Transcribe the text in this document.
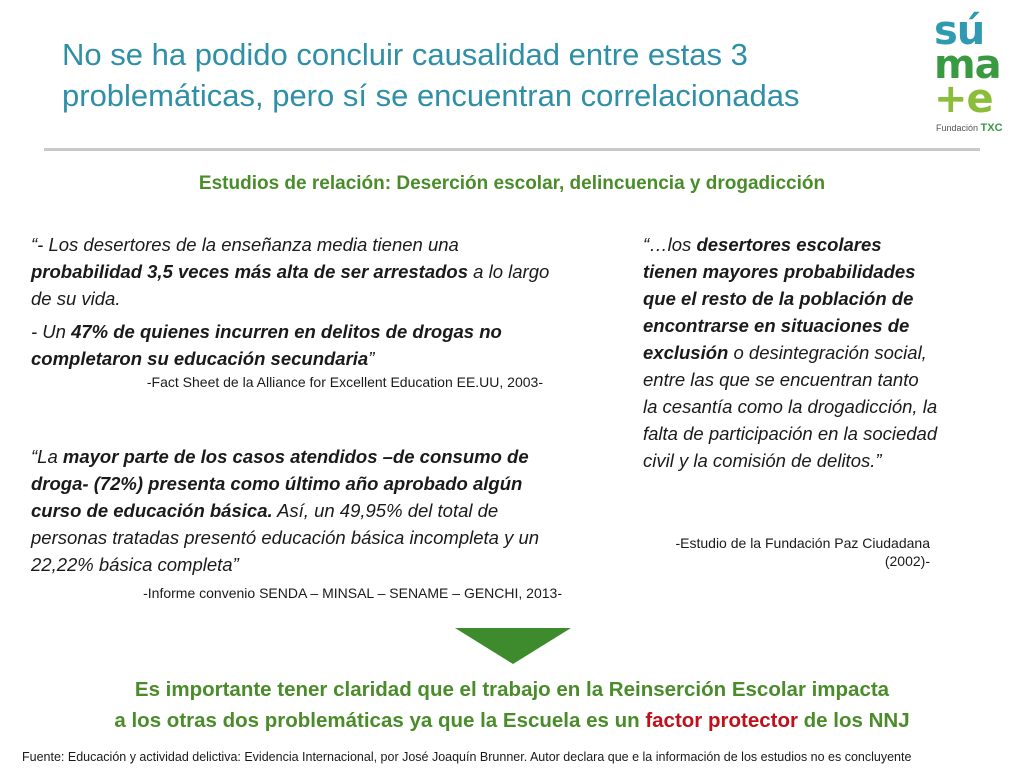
No se ha podido concluir causalidad entre estas 3
problemáticas, pero sí se encuentran correlacionadas
sú
ma
+e
Fundación ТXC
Estudios de relación: Deserción escolar, delincuencia y drogadicción

“- Los desertores de la enseñanza media tienen una probabilidad 3,5 veces más alta de ser arrestados a lo largo de su vida.

- Un 47% de quienes incurren en delitos de drogas no completaron su educación secundaria”

-Fact Sheet de la Alliance for Excellent Education EE.UU, 2003-

“La mayor parte de los casos atendidos –de consumo de droga- (72%) presenta como último año aprobado algún curso de educación básica. Así, un 49,95% del total de personas tratadas presentó educación básica incompleta y un 22,22% básica completa”

-Informe convenio SENDA – MINSAL – SENAME – GENCHI, 2013-

“…los desertores escolares tienen mayores probabilidades que el resto de la población de encontrarse en situaciones de exclusión o desintegración social, entre las que se encuentran tanto la cesantía como la drogadicción, la falta de participación en la sociedad civil y la comisión de delitos.”

-Estudio de la Fundación Paz Ciudadana
(2002)-
Es importante tener claridad que el trabajo en la Reinserción Escolar impacta
a los otras dos problemáticas ya que la Escuela es un factor protector de los NNJ
Fuente: Educación y actividad delictiva: Evidencia Internacional, por José Joaquín Brunner. Autor declara que e la información de los estudios no es concluyente
